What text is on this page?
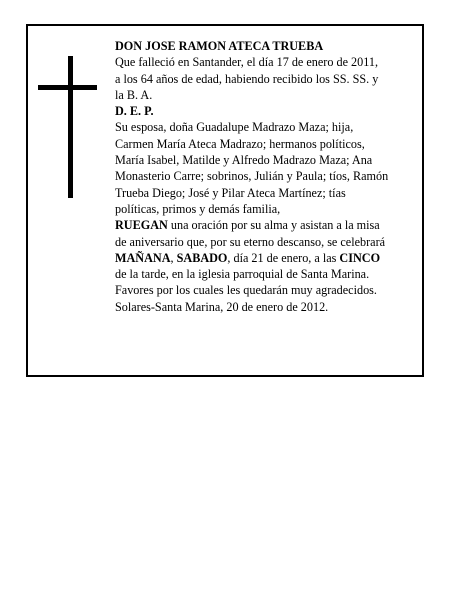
DON JOSE RAMON ATECA TRUEBA

Que falleció en Santander, el día 17 de enero de 2011,

a los 64 años de edad, habiendo recibido los SS. SS. y

la B. A.

D. E. P.

Su esposa, doña Guadalupe Madrazo Maza; hija,

Carmen María Ateca Madrazo; hermanos políticos,

María Isabel, Matilde y Alfredo Madrazo Maza; Ana

Monasterio Carre; sobrinos, Julián y Paula; tíos, Ramón

Trueba Diego; José y Pilar Ateca Martínez; tías

políticas, primos y demás familia,

RUEGAN una oración por su alma y asistan a la misa

de aniversario que, por su eterno descanso, se celebrará

MAÑANA, SABADO, día 21 de enero, a las CINCO

de la tarde, en la iglesia parroquial de Santa Marina.

Favores por los cuales les quedarán muy agradecidos.

Solares-Santa Marina, 20 de enero de 2012.
